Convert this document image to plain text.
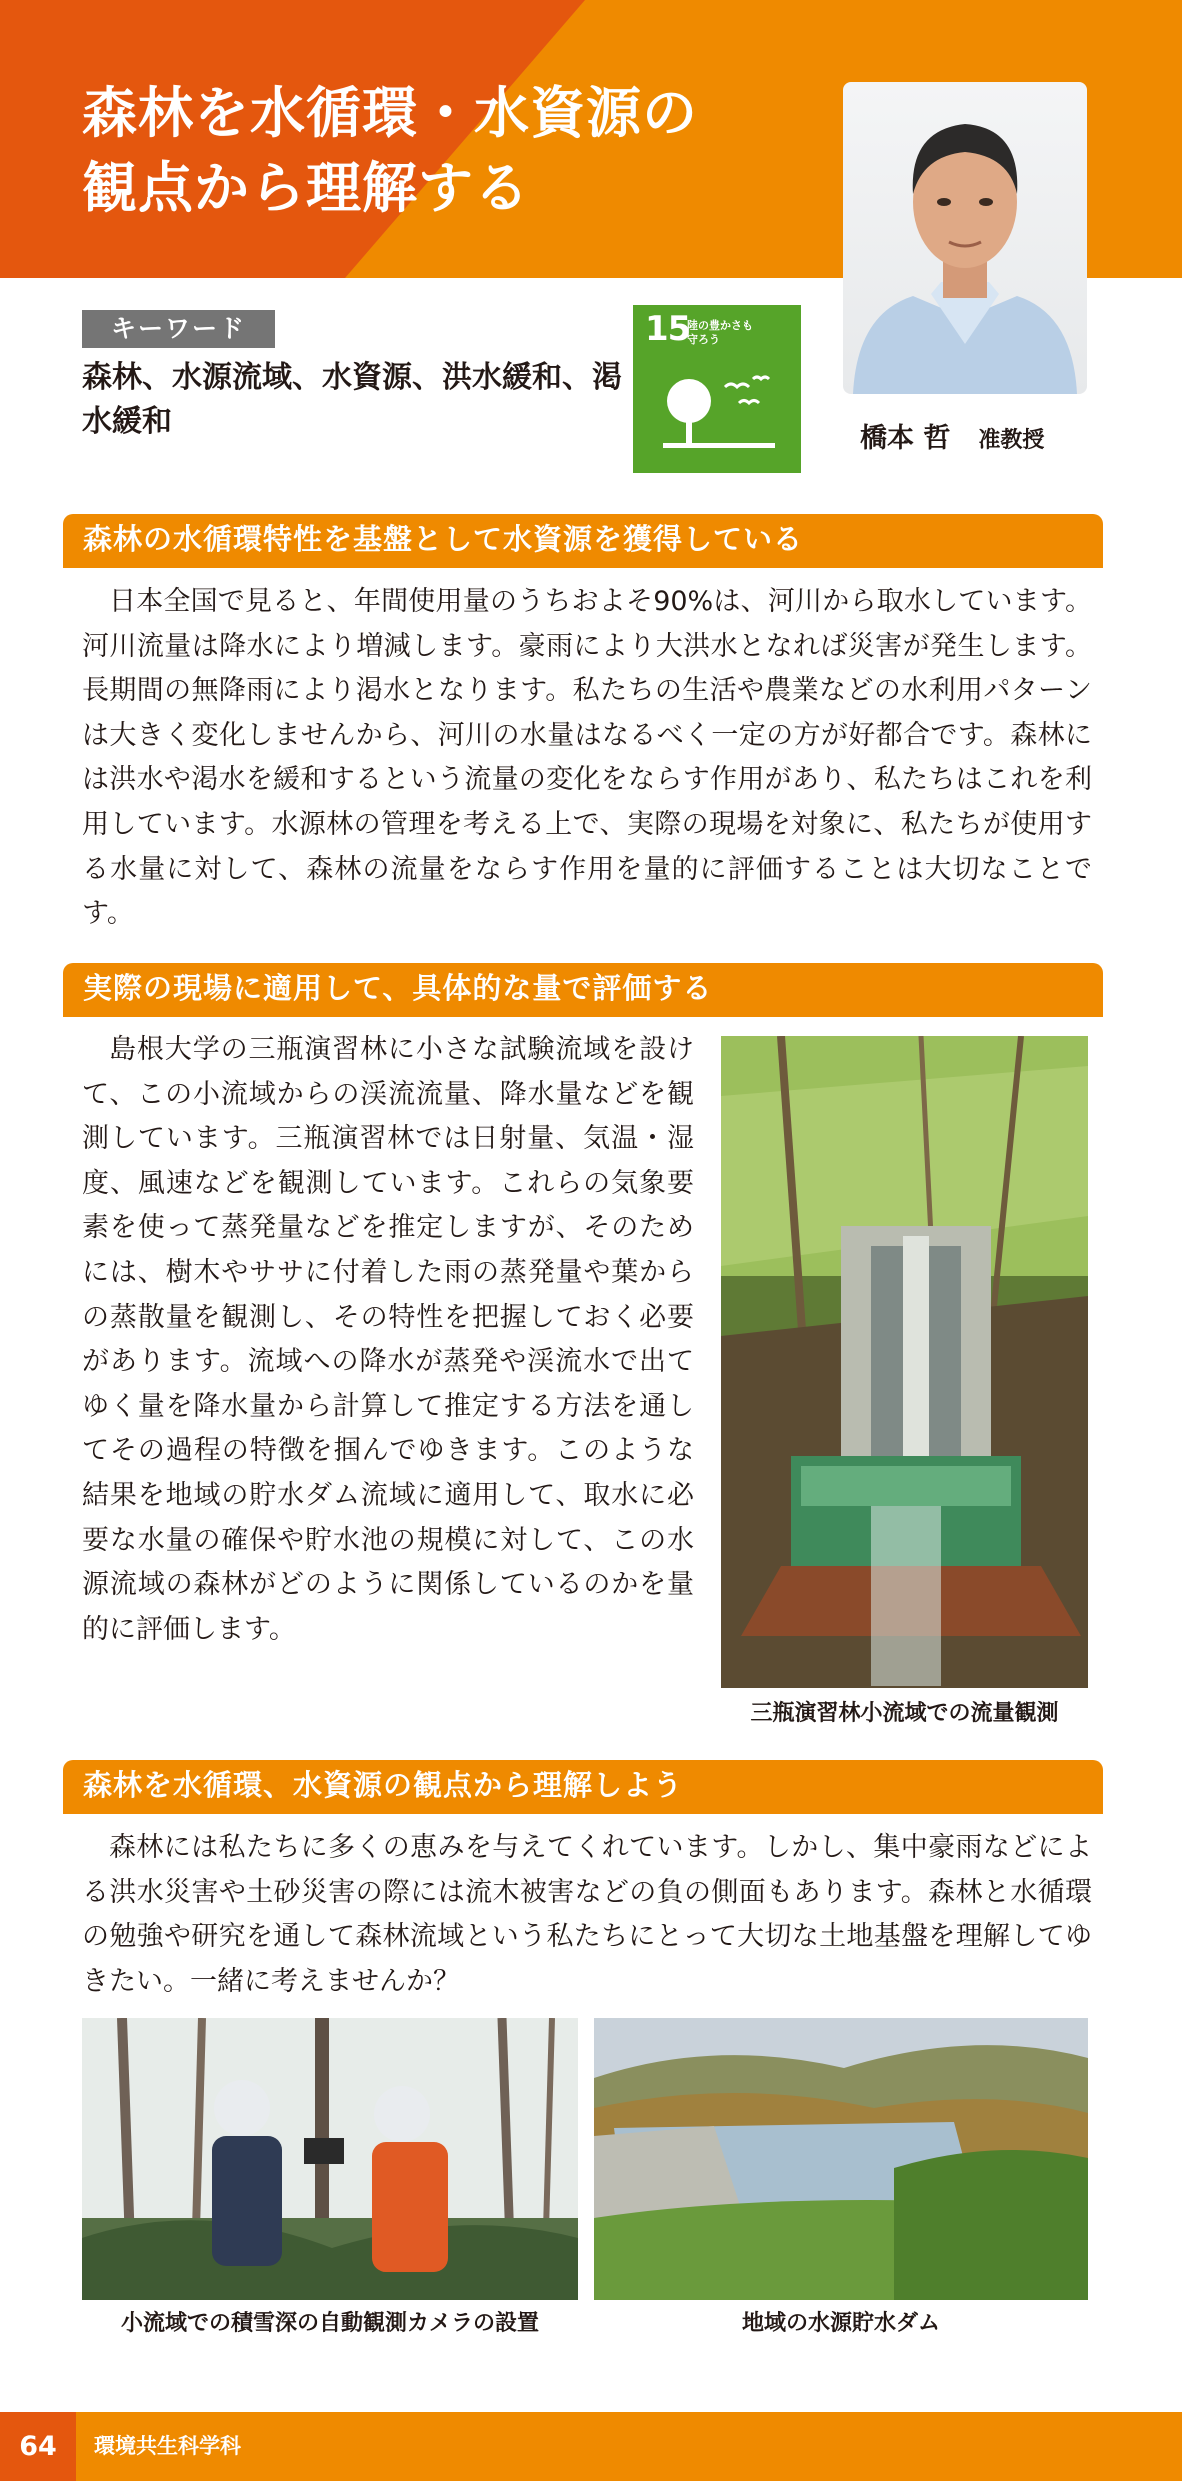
森林を水循環・水資源の
観点から理解する
橋本 哲 准教授
キーワード
森林、水源流域、水資源、洪水緩和、渇水緩和
15
陸の豊かさも
守ろう
森林の水循環特性を基盤として水資源を獲得している

日本全国で見ると、年間使用量のうちおよそ90%は、河川から取水しています。河川流量は降水により増減します。豪雨により大洪水となれば災害が発生します。長期間の無降雨により渇水となります。私たちの生活や農業などの水利用パターンは大きく変化しませんから、河川の水量はなるべく一定の方が好都合です。森林には洪水や渇水を緩和するという流量の変化をならす作用があり、私たちはこれを利用しています。水源林の管理を考える上で、実際の現場を対象に、私たちが使用する水量に対して、森林の流量をならす作用を量的に評価することは大切なことです。

実際の現場に適用して、具体的な量で評価する

島根大学の三瓶演習林に小さな試験流域を設けて、この小流域からの渓流流量、降水量などを観測しています。三瓶演習林では日射量、気温・湿度、風速などを観測しています。これらの気象要素を使って蒸発量などを推定しますが、そのためには、樹木やササに付着した雨の蒸発量や葉からの蒸散量を観測し、その特性を把握しておく必要があります。流域への降水が蒸発や渓流水で出てゆく量を降水量から計算して推定する方法を通してその過程の特徴を掴んでゆきます。このような結果を地域の貯水ダム流域に適用して、取水に必要な水量の確保や貯水池の規模に対して、この水源流域の森林がどのように関係しているのかを量的に評価します。

三瓶演習林小流域での流量観測
森林を水循環、水資源の観点から理解しよう

森林には私たちに多くの恵みを与えてくれています。しかし、集中豪雨などによる洪水災害や土砂災害の際には流木被害などの負の側面もあります。森林と水循環の勉強や研究を通して森林流域という私たちにとって大切な土地基盤を理解してゆきたい。一緒に考えませんか？

小流域での積雪深の自動観測カメラの設置	地域の水源貯水ダム
64	環境共生科学科
